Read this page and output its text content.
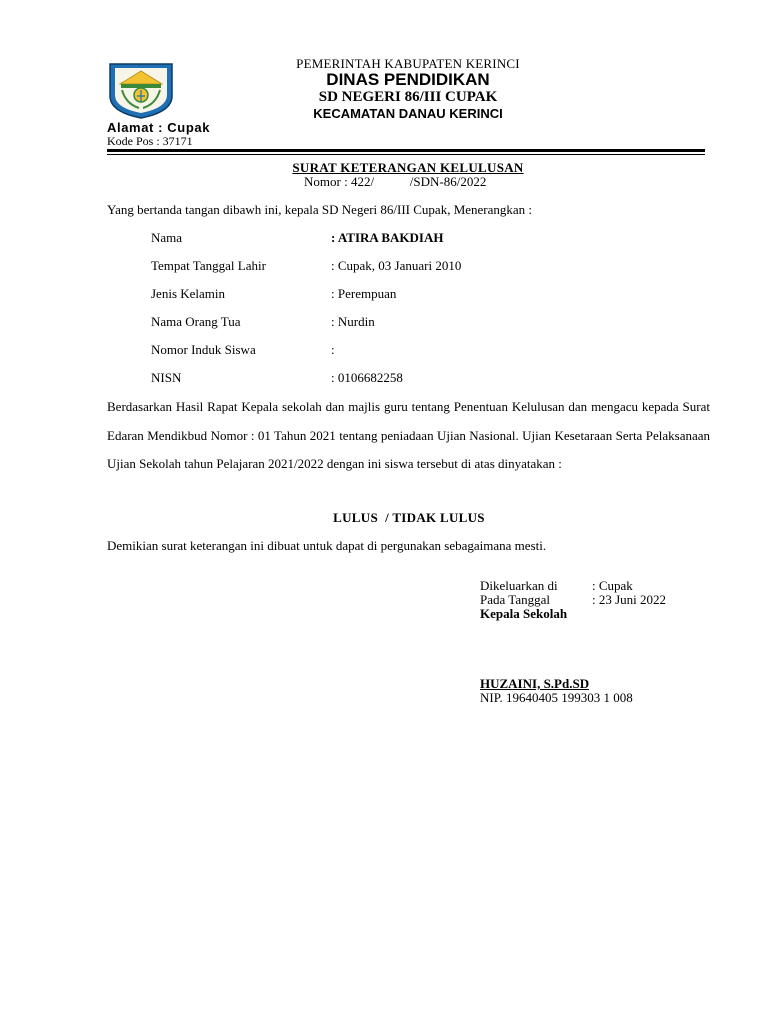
PEMERINTAH KABUPATEN KERINCI
DINAS PENDIDIKAN
SD NEGERI 86/III CUPAK
KECAMATAN DANAU KERINCI
Alamat : Cupak
Kode Pos : 37171
SURAT KETERANGAN KELULUSAN
Nomor : 422/           /SDN-86/2022
Yang bertanda tangan dibawh ini, kepala SD Negeri 86/III Cupak, Menerangkan :
Nama	: ATIRA BAKDIAH
Tempat Tanggal Lahir	: Cupak, 03 Januari 2010
Jenis Kelamin	: Perempuan
Nama Orang Tua	: Nurdin
Nomor Induk Siswa	:
NISN	: 0106682258
Berdasarkan Hasil Rapat Kepala sekolah dan majlis guru tentang Penentuan Kelulusan dan mengacu kepada Surat Edaran Mendikbud Nomor : 01 Tahun 2021 tentang peniadaan Ujian Nasional. Ujian Kesetaraan Serta Pelaksanaan Ujian Sekolah tahun Pelajaran 2021/2022 dengan ini siswa tersebut di atas dinyatakan :
LULUS  / TIDAK LULUS
Demikian surat keterangan ini dibuat untuk dapat di pergunakan sebagaimana mesti.
Dikeluarkan di	: Cupak
Pada Tanggal	: 23 Juni 2022
Kepala Sekolah
HUZAINI, S.Pd.SD
NIP. 19640405 199303 1 008
